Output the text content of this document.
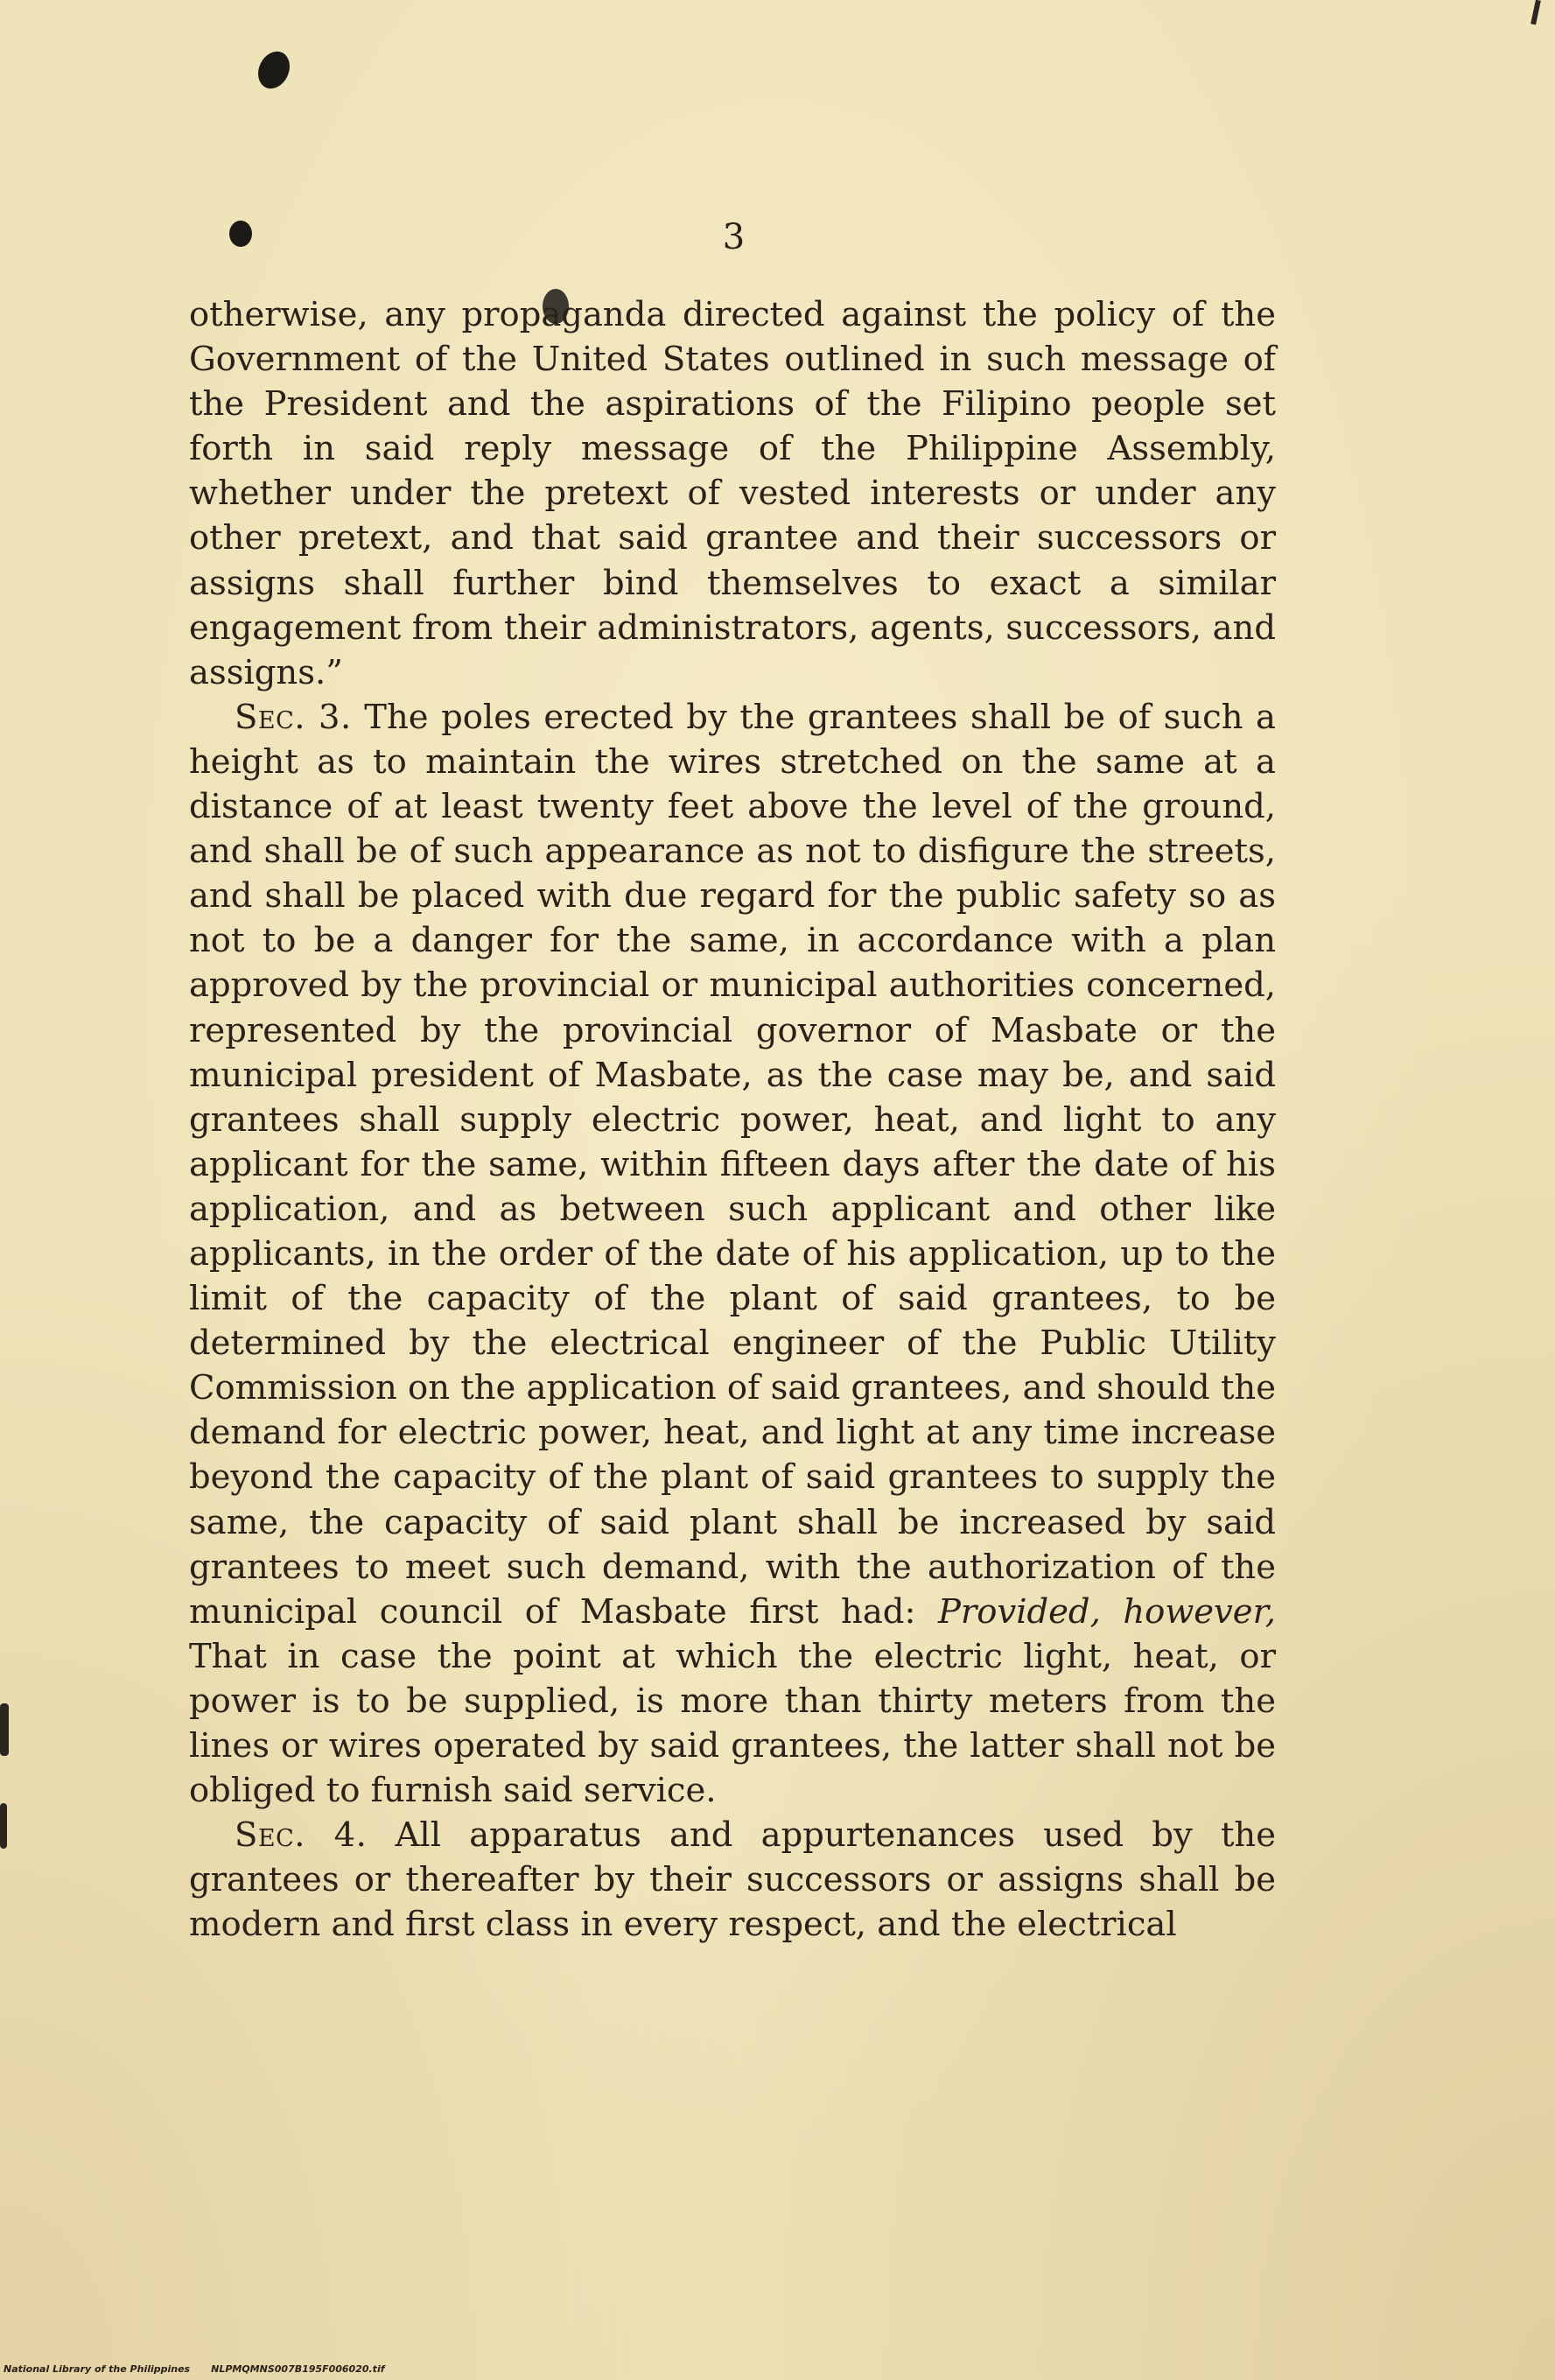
3

otherwise, any propaganda directed against the policy of the Government of the United States outlined in such message of the President and the aspirations of the Filipino people set forth in said reply message of the Philippine Assembly, whether under the pretext of vested interests or under any other pretext, and that said grantee and their successors or assigns shall further bind themselves to exact a similar engagement from their administrators, agents, successors, and assigns.”

Sec. 3. The poles erected by the grantees shall be of such a height as to maintain the wires stretched on the same at a distance of at least twenty feet above the level of the ground, and shall be of such appearance as not to disfigure the streets, and shall be placed with due regard for the public safety so as not to be a danger for the same, in accordance with a plan approved by the provincial or municipal authorities concerned, represented by the provincial governor of Masbate or the municipal president of Masbate, as the case may be, and said grantees shall supply electric power, heat, and light to any applicant for the same, within fifteen days after the date of his application, and as between such applicant and other like applicants, in the order of the date of his application, up to the limit of the capacity of the plant of said grantees, to be determined by the electrical engineer of the Public Utility Commission on the application of said grantees, and should the demand for electric power, heat, and light at any time increase beyond the capacity of the plant of said grantees to supply the same, the capacity of said plant shall be increased by said grantees to meet such demand, with the authorization of the municipal council of Masbate first had: Provided, however, That in case the point at which the electric light, heat, or power is to be supplied, is more than thirty meters from the lines or wires operated by said grantees, the latter shall not be obliged to furnish said service.

Sec. 4. All apparatus and appurtenances used by the grantees or thereafter by their successors or assigns shall be modern and first class in every respect, and the electrical

National Library of the Philippines NLPMQMNS007B195F006020.tif
